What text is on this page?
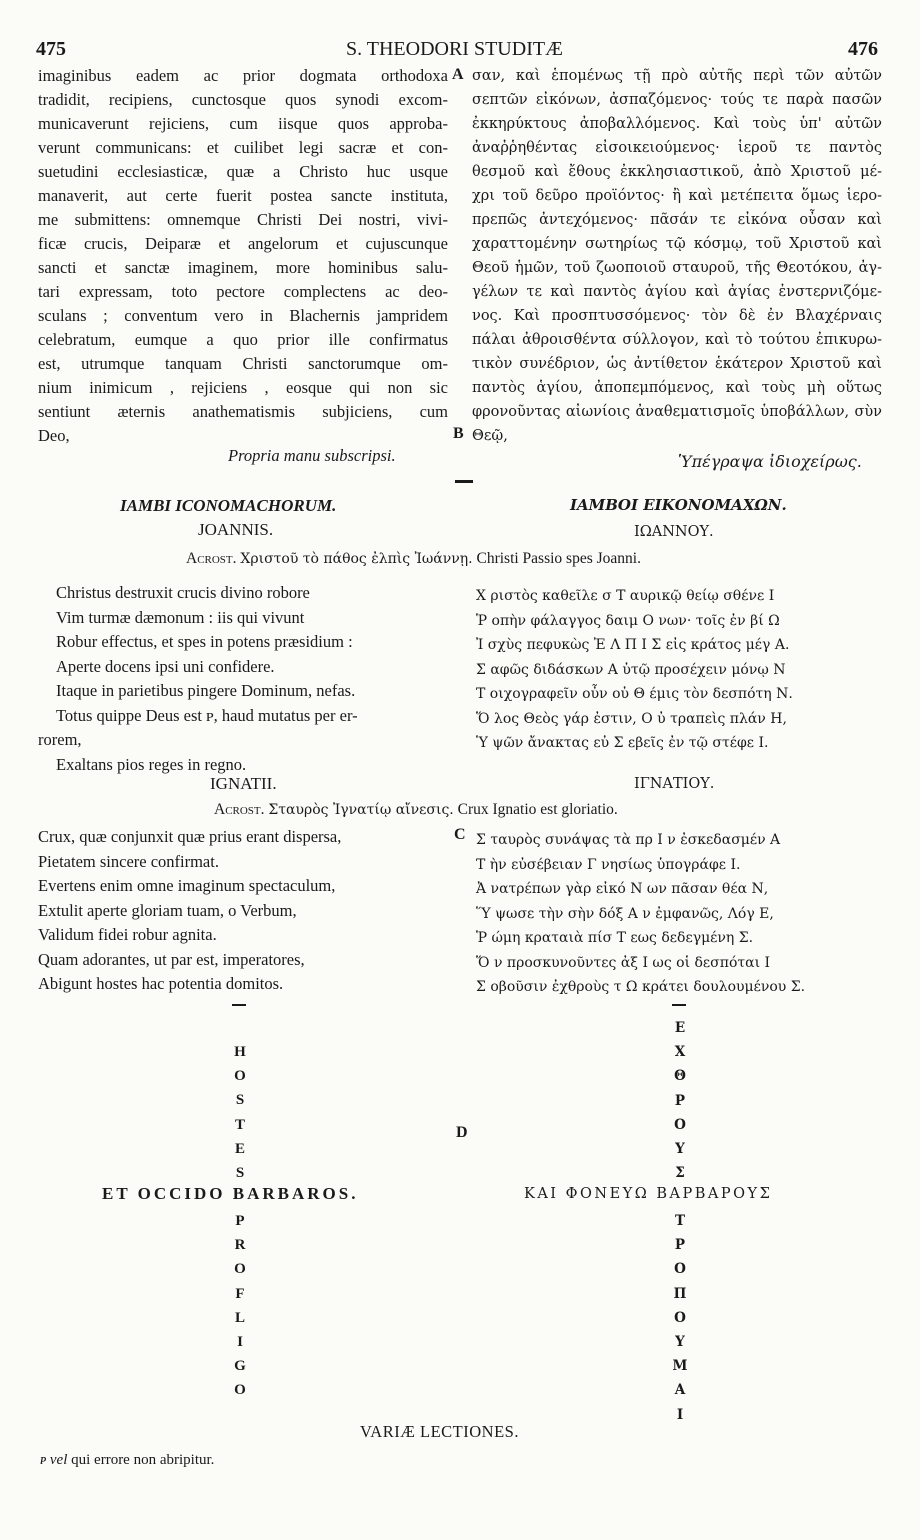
475	S. THEODORI STUDITÆ	476
imaginibus eadem ac prior dogmata orthodoxa
tradidit, recipiens, cunctosque quos synodi excom-
municaverunt rejiciens, cum iisque quos approba-
verunt communicans: et cuilibet legi sacræ et con-
suetudini ecclesiasticæ, quæ a Christo huc usque
manaverit, aut certe fuerit postea sancte instituta,
me submittens: omnemque Christi Dei nostri, vivi-
ficæ crucis, Deiparæ et angelorum et cujuscunque
sancti et sanctæ imaginem, more hominibus salu-
tari expressam, toto pectore complectens ac deo-
sculans ; conventum vero in Blachernis jampridem
celebratum, eumque a quo prior ille confirmatus
est, utrumque tanquam Christi sanctorumque om-
nium inimicum , rejiciens , eosque qui non sic
sentiunt æternis anathematismis subjiciens, cum
Deo,
σαν, καὶ ἑπομένως τῇ πρὸ αὐτῆς περὶ τῶν αὐτῶν
σεπτῶν εἰκόνων, ἀσπαζόμενος· τούς τε παρὰ πασῶν
ἐκκηρύκτους ἀποβαλλόμενος. Καὶ τοὺς ὑπ' αὐτῶν
ἀναῤῥηθέντας εἰσοικειούμενος· ἱεροῦ τε παντὸς
θεσμοῦ καὶ ἔθους ἐκκλησιαστικοῦ, ἀπὸ Χριστοῦ μέ-
χρι τοῦ δεῦρο προϊόντος· ἢ καὶ μετέπειτα ὅμως ἱερο-
πρεπῶς ἀντεχόμενος· πᾶσάν τε εἰκόνα οὖσαν καὶ
χαραττομένην σωτηρίως τῷ κόσμῳ, τοῦ Χριστοῦ καὶ
Θεοῦ ἡμῶν, τοῦ ζωοποιοῦ σταυροῦ, τῆς Θεοτόκου, ἀγ-
γέλων τε καὶ παντὸς ἁγίου καὶ ἁγίας ἐνστερνιζόμε-
νος. Καὶ προσπτυσσόμενος· τὸν δὲ ἐν Βλαχέρναις
πάλαι ἀθροισθέντα σύλλογον, καὶ τὸ τούτου ἐπικυρω-
τικὸν συνέδριον, ὡς ἀντίθετον ἑκάτερον Χριστοῦ καὶ
παντὸς ἁγίου, ἀποπεμπόμενος, καὶ τοὺς μὴ οὕτως
φρονοῦντας αἰωνίοις ἀναθεματισμοῖς ὑποβάλλων, σὺν
Θεῷ,
A
B
C
D
Propria manu subscripsi.	Ὑπέγραψα ἰδιοχείρως.
IAMBI ICONOMACHORUM.	ΙΑΜΒΟΙ ΕΙΚΟΝΟΜΑΧΩΝ.
JOANNIS.	ΙΩΑΝΝΟΥ.
Acrost. Χριστοῦ τὸ πάθος ἐλπὶς Ἰωάννῃ. Christi Passio spes Joanni.
Christus destruxit crucis divino robore
Vim turmæ dæmonum : iis qui vivunt
Robur effectus, et spes in potens præsidium :
Aperte docens ipsi uni confidere.
Itaque in parietibus pingere Dominum, nefas.
Totus quippe Deus est ᴘ, haud mutatus per er-
rorem,
Exaltans pios reges in regno.
Χ ριστὸς καθεῖλε σ Τ αυρικῷ θείῳ σθένε Ι
Ῥ οπὴν φάλαγγος δαιμ Ο νων· τοῖς ἐν βί Ω
Ἰ σχὺς πεφυκὼς Ἐ Λ Π Ι Σ εἰς κράτος μέγ Α.
Σ αφῶς διδάσκων Α ὐτῷ προσέχειν μόνῳ Ν
Τ οιχογραφεῖν οὖν οὐ Θ έμις τὸν δεσπότη Ν.
Ὅ λος Θεὸς γάρ ἐστιν, Ο ὐ τραπεὶς πλάν Η,
Ὑ ψῶν ἄνακτας εὐ Σ εβεῖς ἐν τῷ στέφε Ι.
IGNATII.	ΙΓΝΑΤΙΟΥ.
Acrost. Σταυρὸς Ἰγνατίῳ αἴνεσις. Crux Ignatio est gloriatio.
Crux, quæ conjunxit quæ prius erant dispersa,
Pietatem sincere confirmat.
Evertens enim omne imaginum spectaculum,
Extulit aperte gloriam tuam, o Verbum,
Validum fidei robur agnita.
Quam adorantes, ut par est, imperatores,
Abigunt hostes hac potentia domitos.
Σ ταυρὸς συνάψας τὰ πρ Ι ν ἐσκεδασμέν Α
Τ ὴν εὐσέβειαν Γ νησίως ὑπογράφε Ι.
Ἀ νατρέπων γὰρ εἰκό Ν ων πᾶσαν θέα Ν,
Ὕ ψωσε τὴν σὴν δόξ Α ν ἐμφανῶς, Λόγ Ε,
Ῥ ώμη κραταιὰ πίσ Τ εως δεδεγμένη Σ.
Ὅ ν προσκυνοῦντες ἀξ Ι ως οἱ δεσπόται Ι
Σ οβοῦσιν ἐχθροὺς τ Ω κράτει δουλουμένου Σ.
H
O
S
T
E
S
ET OCCIDO BARBAROS.
P
R
O
F
L
I
G
O
Ε
Χ
Θ
Ρ
Ο
Υ
Σ
ΚΑΙ ΦΟΝΕΥΩ ΒΑΡΒΑΡΟΥΣ
Τ
Ρ
Ο
Π
Ο
Υ
Μ
Α
Ι
VARIÆ LECTIONES.
ᴘ vel qui errore non abripitur.
